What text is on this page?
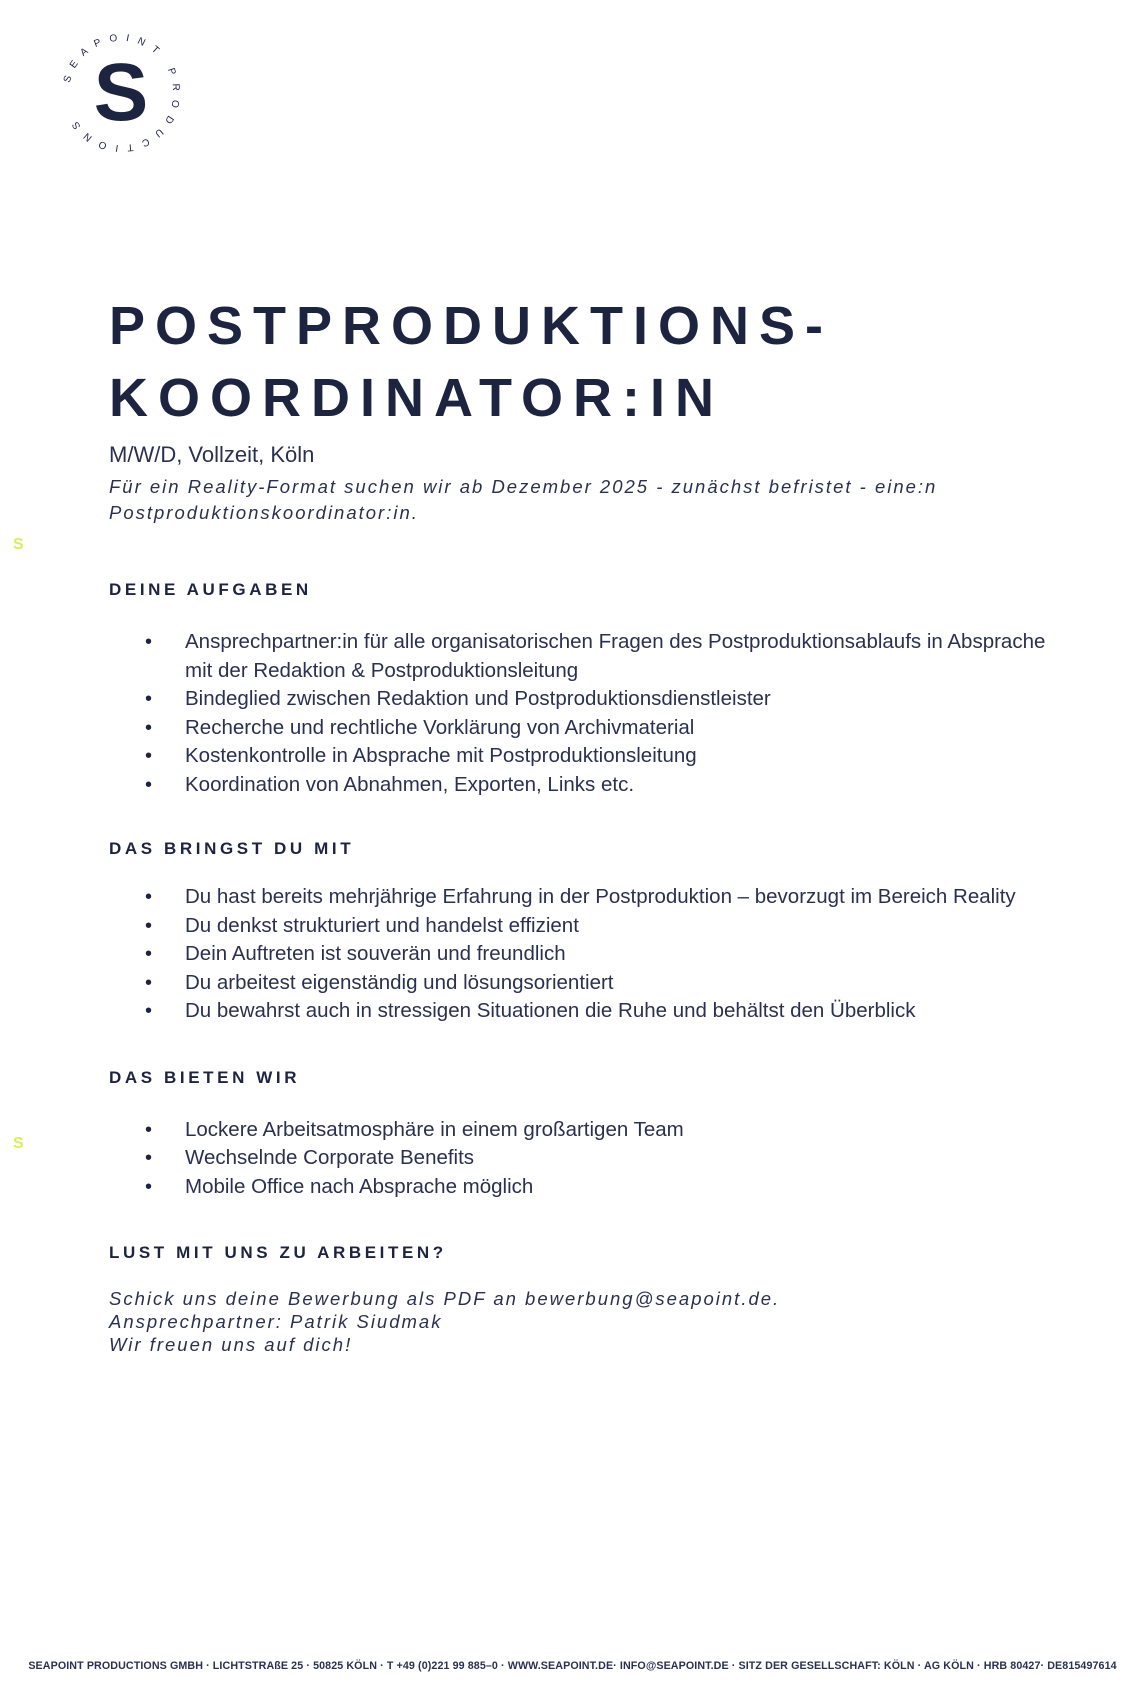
SEAPOINT PRODUCTIONS S
S
S
POSTPRODUKTIONS-
KOORDINATOR:IN

M/W/D, Vollzeit, Köln

Für ein Reality-Format suchen wir ab Dezember 2025 - zunächst befristet - eine:n
Postproduktionskoordinator:in.

DEINE AUFGABEN
• Ansprechpartner:in für alle organisatorischen Fragen des Postproduktionsablaufs in Absprache mit der Redaktion & Postproduktionsleitung
• Bindeglied zwischen Redaktion und Postproduktionsdienstleister
• Recherche und rechtliche Vorklärung von Archivmaterial
• Kostenkontrolle in Absprache mit Postproduktionsleitung
• Koordination von Abnahmen, Exporten, Links etc.
DAS BRINGST DU MIT
• Du hast bereits mehrjährige Erfahrung in der Postproduktion – bevorzugt im Bereich Reality
• Du denkst strukturiert und handelst effizient
• Dein Auftreten ist souverän und freundlich
• Du arbeitest eigenständig und lösungsorientiert
• Du bewahrst auch in stressigen Situationen die Ruhe und behältst den Überblick
DAS BIETEN WIR
• Lockere Arbeitsatmosphäre in einem großartigen Team
• Wechselnde Corporate Benefits
• Mobile Office nach Absprache möglich
LUST MIT UNS ZU ARBEITEN?

Schick uns deine Bewerbung als PDF an bewerbung@seapoint.de.
Ansprechpartner: Patrik Siudmak
Wir freuen uns auf dich!

SEAPOINT PRODUCTIONS GMBH · LICHTSTRAßE 25 · 50825 KÖLN · T +49 (0)221 99 885–0 · WWW.SEAPOINT.DE· INFO@SEAPOINT.DE · SITZ DER GESELLSCHAFT: KÖLN · AG KÖLN · HRB 80427· DE815497614
